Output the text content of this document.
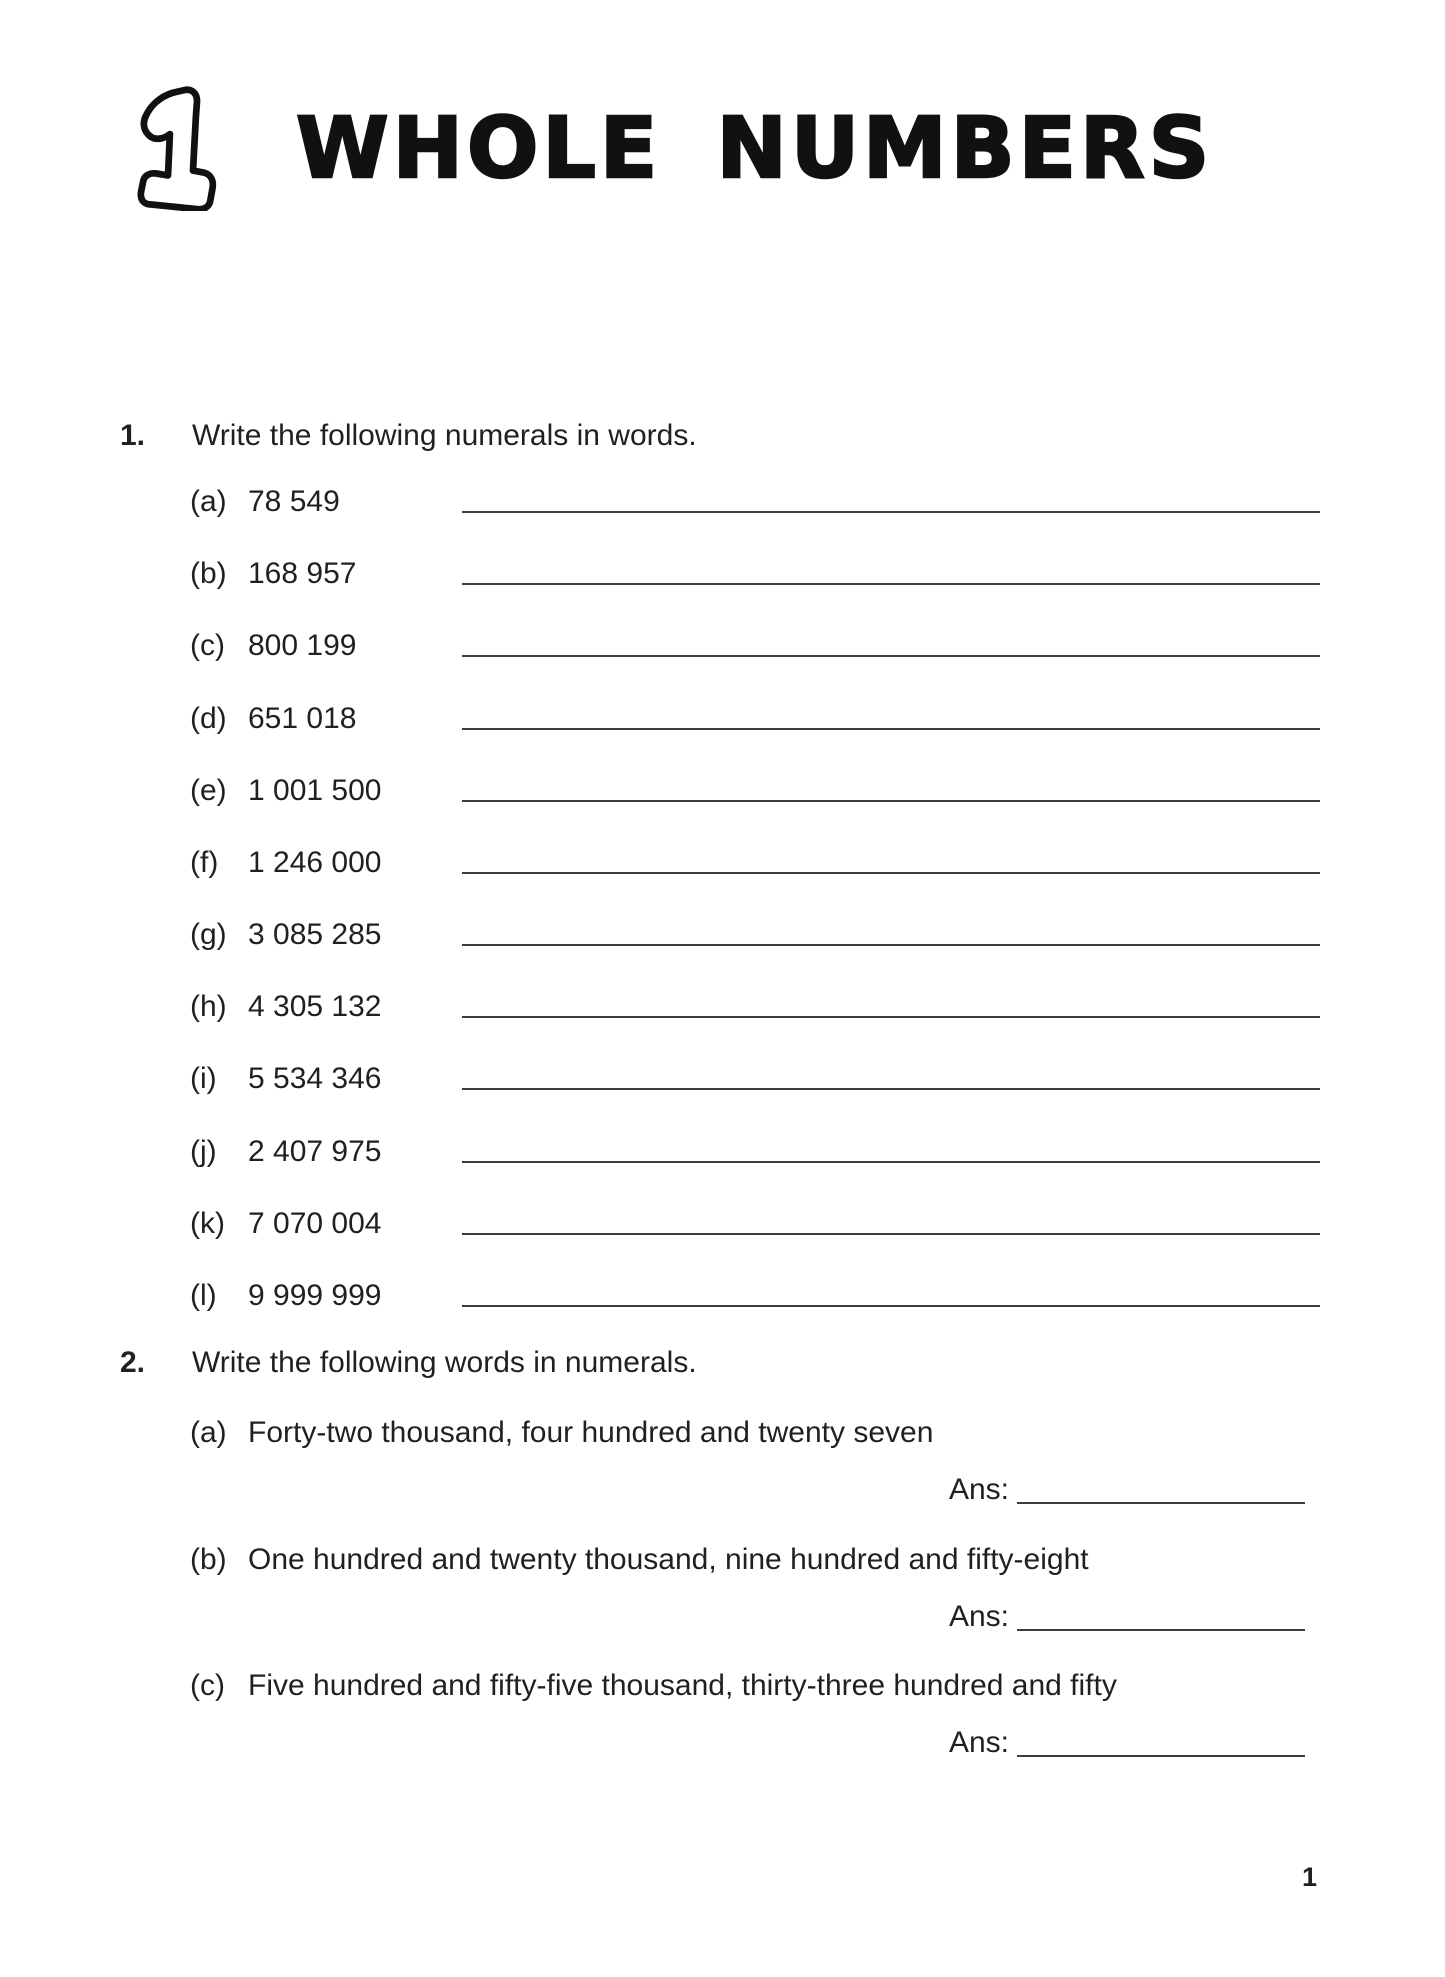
WHOLE NUMBERS
1.	Write the following numerals in words.
(a) 78 549
(b) 168 957
(c) 800 199
(d) 651 018
(e) 1 001 500
(f) 1 246 000
(g) 3 085 285
(h) 4 305 132
(i)	5 534 346
(j)	2 407 975
(k) 7 070 004
(l)	9 999 999
2.	Write the following words in numerals.
(a) Forty-two thousand, four hundred and twenty seven
Ans:
(b) One hundred and twenty thousand, nine hundred and fifty-eight
Ans:
(c) Five hundred and fifty-five thousand, thirty-three hundred and fifty
Ans:
1
